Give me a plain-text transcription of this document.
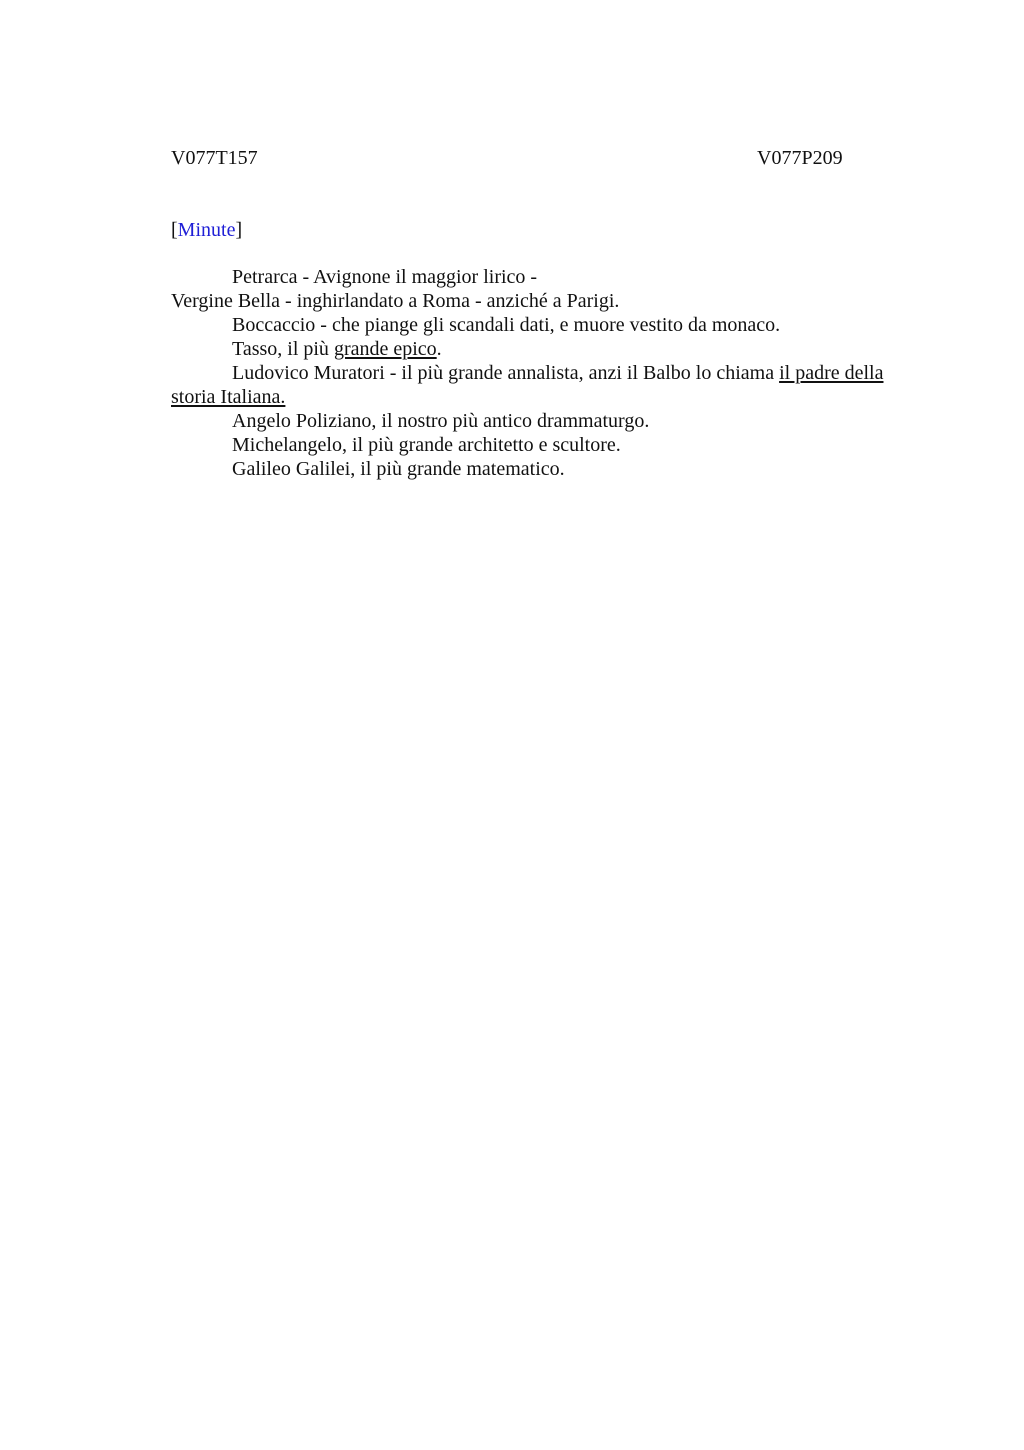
V077T157	V077P209
[Minute]
Petrarca - Avignone il maggior lirico -
Vergine Bella - inghirlandato a Roma - anziché a Parigi.
Boccaccio - che piange gli scandali dati, e muore vestito da monaco.
Tasso, il più grande epico.
Ludovico Muratori - il più grande annalista, anzi il Balbo lo chiama il padre della
storia Italiana.
Angelo Poliziano, il nostro più antico drammaturgo.
Michelangelo, il più grande architetto e scultore.
Galileo Galilei, il più grande matematico.
